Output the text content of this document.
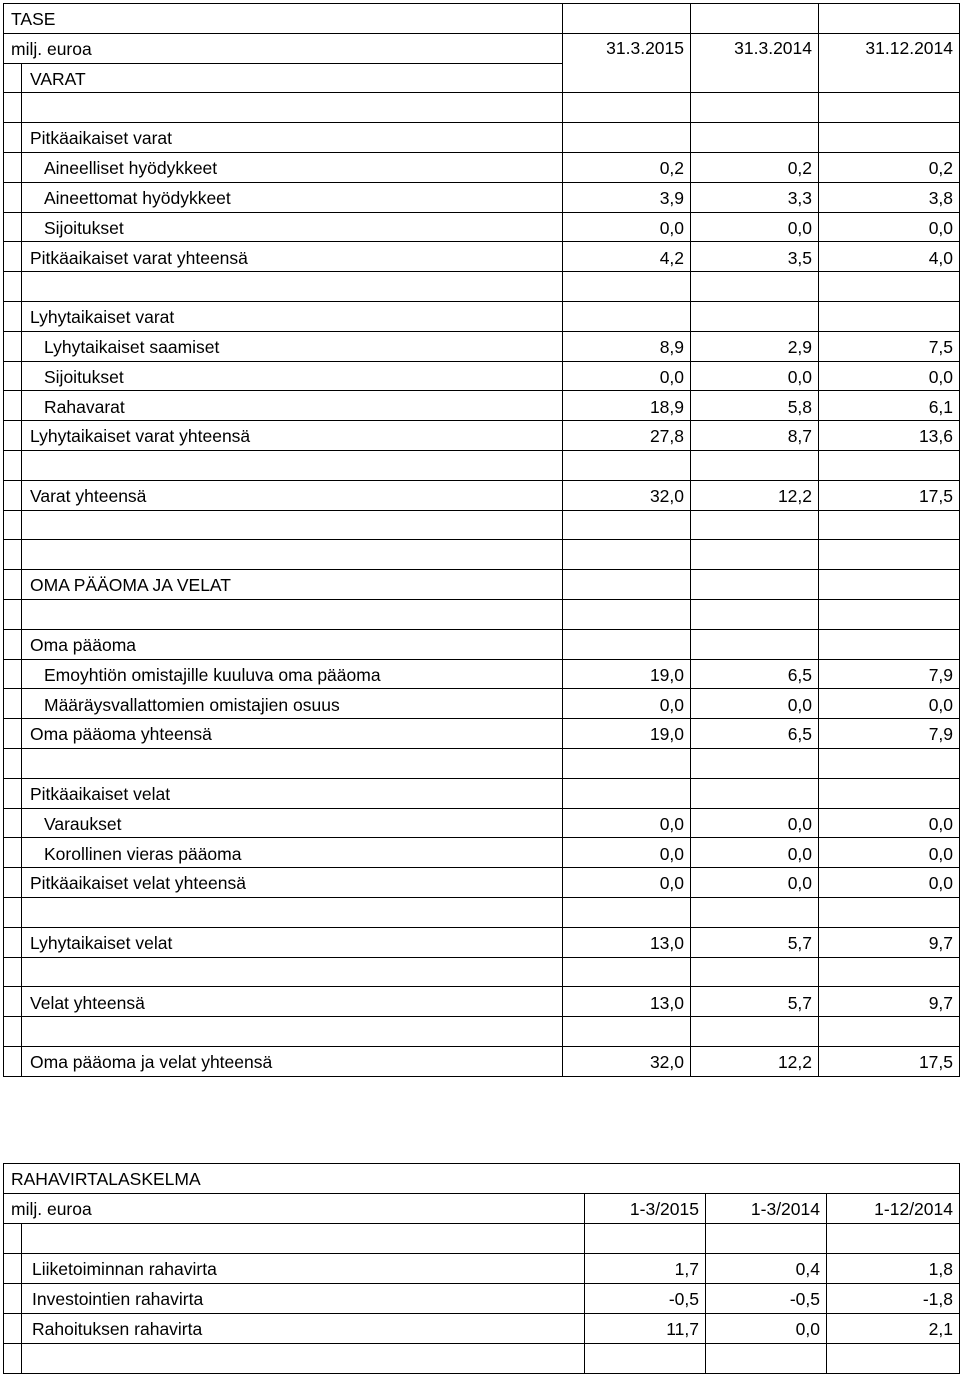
TASE				
milj. euroa		31.3.2015	31.3.2014	31.12.2014
	VARAT			

	Pitkäaikaiset varat			
	Aineelliset hyödykkeet	0,2	0,2	0,2
	Aineettomat hyödykkeet	3,9	3,3	3,8
	Sijoitukset	0,0	0,0	0,0
	Pitkäaikaiset varat yhteensä	4,2	3,5	4,0

	Lyhytaikaiset varat			
	Lyhytaikaiset saamiset	8,9	2,9	7,5
	Sijoitukset	0,0	0,0	0,0
	Rahavarat	18,9	5,8	6,1
	Lyhytaikaiset varat yhteensä	27,8	8,7	13,6

	Varat yhteensä	32,0	12,2	17,5

	OMA PÄÄOMA JA VELAT			

	Oma pääoma			
	Emoyhtiön omistajille kuuluva oma pääoma	19,0	6,5	7,9
	Määräysvallattomien omistajien osuus	0,0	0,0	0,0
	Oma pääoma yhteensä	19,0	6,5	7,9

	Pitkäaikaiset velat			
	Varaukset	0,0	0,0	0,0
	Korollinen vieras pääoma	0,0	0,0	0,0
	Pitkäaikaiset velat yhteensä	0,0	0,0	0,0

	Lyhytaikaiset velat	13,0	5,7	9,7

	Velat yhteensä	13,0	5,7	9,7

	Oma pääoma ja velat yhteensä	32,0	12,2	17,5
RAHAVIRTALASKELMA				
milj. euroa		1-3/2015	1-3/2014	1-12/2014

	Liiketoiminnan rahavirta	1,7	0,4	1,8
	Investointien rahavirta	-0,5	-0,5	-1,8
	Rahoituksen rahavirta	11,7	0,0	2,1
